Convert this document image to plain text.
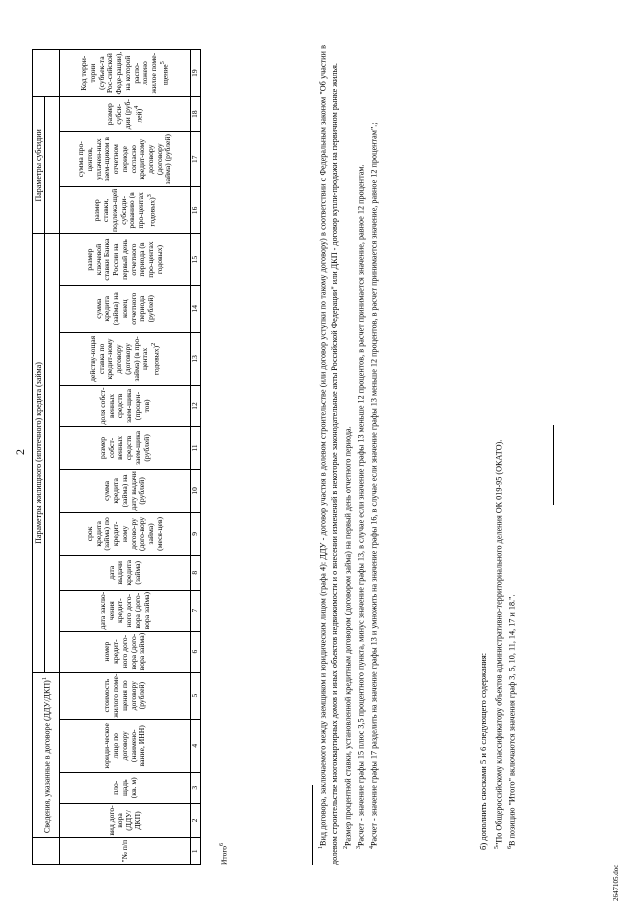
2
	Сведения, указанные в договоре $(ДДУ/ДКП)^1$				Параметры жилищного (ипотечного) кредита (займа)										Параметры субсидии			

"№ п/п	вид дого-вора (ДДУ/ДКП)	пло-щадь (кв. м)	юриди-ческое лицо по договору (наимено-вание, ИНН)	стоимость жилого поме-щения по договору (рублей)	номер кредит-ного дого-вора (дого-вора займа)	дата заклю-чения кредит-ного дого-вора (дого-вора займа)	дата выдачи кредита (займа)	срок кредита (займа) по кредит-ному догово-ру (дого-вору займа) (меся-цев)	сумма кредита (займа) на дату выдачи (рублей)	размер собст-венных средств заем-щика (рублей)	доля собст-венных средств заем-щика (процен-тов)	действу-ющая ставка по кредит-ному договору (договору займа) (в про-центах годовых)$^2$	сумма кредита (займа) на конец отчетного периода (рублей)	размер ключевой ставки Банка России на первый день отчетного периода (в про-центах годовых)	размер ставки, подлежа-щей субсиди-рованию (в про-центах годовых)$^3$	сумма про-центов, уплачен-ных заем-щиком в отчетном периоде согласно кредит-ному договору (договору займа) (рублей)	размер субси-дии $(руб-лей)^4$	Код терри-тории (субъек-та Рос-сийской Феде-рации), на которой распо-ложено жилое поме-щение$^5$
1	2	3	4	5	6	7	8	9	10	11	12	13	14	15	16	17	18	19
Итого$^6$

$^1$Вид договора, заключаемого между заемщиком и юридическим лицом (графа 4): ДДУ - договор участия в долевом строительстве (или договор уступки по такому договору) в соответствии с Федеральным законом "Об участии в долевом строительстве многоквартирных домов и иных объектов недвижимости и о внесении изменений в некоторые законодательные акты Российской Федерации" или ДКП - договор купли-продажи на первичном рынке жилья. $^2$Размер процентной ставки, установленной кредитным договором (договором займа) на первый день отчетного периода.

$^3$Расчет - значение графы 15 плюс 3,5 процентного пункта, минус значение графы 13, в случае если значение графы 13 меньше 12 процентов, в расчет принимается значение, равное 12 процентам.

$^4$Расчет - значение графы 17 разделить на значение графы 13 и умножить на значение графы 16, в случае если значение графы 13 меньше 12 процентов, в расчет принимается значение, равное 12 процентам".;	б) дополнить сносками 5 и 6 следующего содержания:	$^5$"По Общероссийскому классификатору объектов административно-территориального деления ОК 019-95 (ОКАТО).

$^6$В позицию "Итого" включаются значения граф 3, 5, 10, 11, 14, 17 и 18.".

2647105.doc
